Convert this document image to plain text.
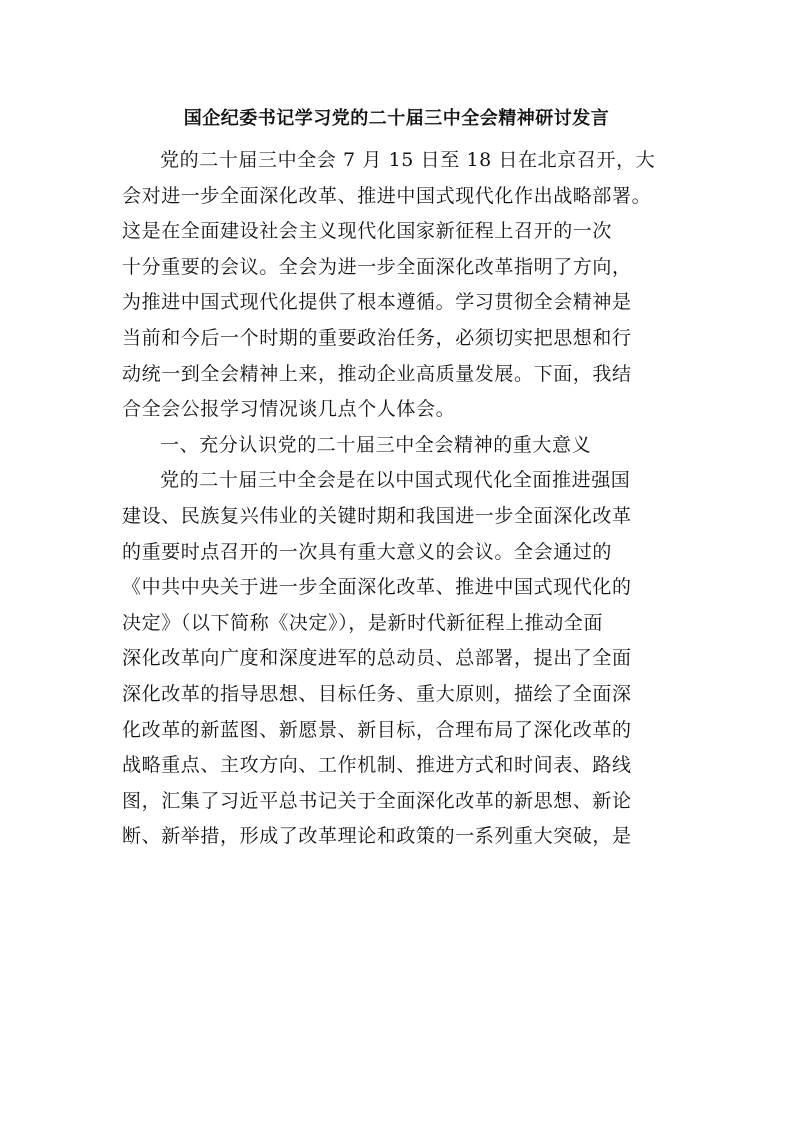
国企纪委书记学习党的二十届三中全会精神研讨发言
党的二十届三中全会 7 月 15 日至 18 日在北京召开，大
会对进一步全面深化改革、推进中国式现代化作出战略部署。
这是在全面建设社会主义现代化国家新征程上召开的一次
十分重要的会议。全会为进一步全面深化改革指明了方向，
为推进中国式现代化提供了根本遵循。学习贯彻全会精神是
当前和今后一个时期的重要政治任务，必须切实把思想和行
动统一到全会精神上来，推动企业高质量发展。下面，我结
合全会公报学习情况谈几点个人体会。
一、充分认识党的二十届三中全会精神的重大意义
党的二十届三中全会是在以中国式现代化全面推进强国
建设、民族复兴伟业的关键时期和我国进一步全面深化改革
的重要时点召开的一次具有重大意义的会议。全会通过的
《中共中央关于进一步全面深化改革、推进中国式现代化的
决定》（以下简称《决定》），是新时代新征程上推动全面
深化改革向广度和深度进军的总动员、总部署，提出了全面
深化改革的指导思想、目标任务、重大原则，描绘了全面深
化改革的新蓝图、新愿景、新目标，合理布局了深化改革的
战略重点、主攻方向、工作机制、推进方式和时间表、路线
图，汇集了习近平总书记关于全面深化改革的新思想、新论
断、新举措，形成了改革理论和政策的一系列重大突破，是
